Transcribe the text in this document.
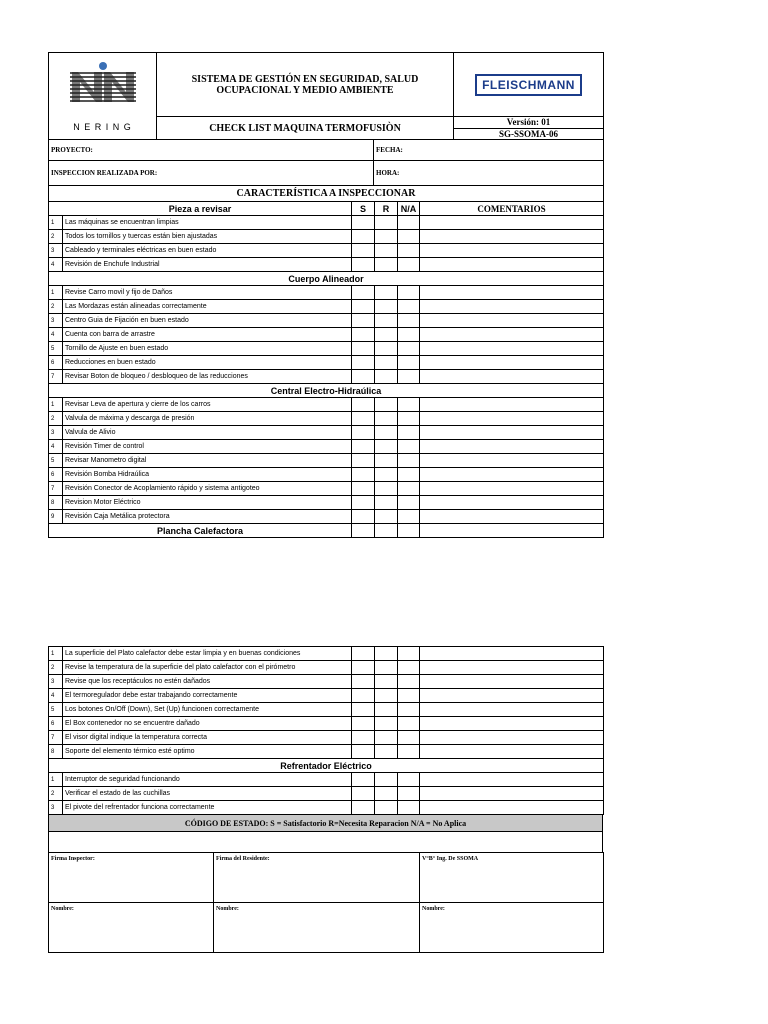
N E R I N G	SISTEMA DE GESTIÓN EN SEGURIDAD, SALUD OCUPACIONAL Y MEDIO AMBIENTE	FLEISCHMANN
	CHECK LIST MAQUINA TERMOFUSIÒN	Versión: 01
SG-SSOMA-06
PROYECTO:	FECHA:
INSPECCION REALIZADA POR:	HORA:
CARACTERÍSTICA A INSPECCIONAR					
Pieza a revisar		S	R	N/A	COMENTARIOS
1	Las máquinas se encuentran limpias				
2	Todos los tornillos y tuercas están bien ajustadas				
3	Cableado y terminales eléctricas en buen estado				
4	Revisión de Enchufe Industrial				
Cuerpo Alineador					
1	Revise Carro movil y fijo de Daños				
2	Las Mordazas están alineadas correctamente				
3	Centro Guia de Fijación en buen estado				
4	Cuenta con barra de arrastre				
5	Tornillo de Ajuste en buen estado				
6	Reducciones en buen estado				
7	Revisar Boton de bloqueo / desbloqueo de las reducciones				
Central Electro-Hidraúlica					
1	Revisar Leva de apertura y cierre de los carros				
2	Valvula de máxima y descarga de presión				
3	Valvula de Alivio				
4	Revisión Timer de control				
5	Revisar Manometro digital				
6	Revisión Bomba Hidraúlica				
7	Revisión Conector de Acoplamiento rápido y sistema antigoteo				
8	Revision Motor Eléctrico				
9	Revisión Caja Metálica protectora				
Plancha Calefactora					
1	La superficie del Plato calefactor debe estar limpia y en buenas condiciones				
2	Revise la temperatura de la superficie del plato calefactor con el pirómetro				
3	Revise que los receptáculos no estén dañados				
4	El termoregulador debe estar trabajando correctamente				
5	Los botones On/Off (Down), Set (Up) funcionen correctamente				
6	El Box contenedor no se encuentre dañado				
7	El visor digital indique la temperatura correcta				
8	Soporte del elemento térmico esté optimo				
Refrentador Eléctrico					
1	Interruptor de seguridad funcionando				
2	Verificar el estado de las cuchillas				
3	El pivote del refrentador funciona correctamente				
CÓDIGO DE ESTADO: S = Satisfactorio R=Necesita Reparacion N/A = No Aplica

Firma Inspector:	Firma del Residente:	V°B° Ing. De SSOMA
Nombre:	Nombre:	Nombre:
